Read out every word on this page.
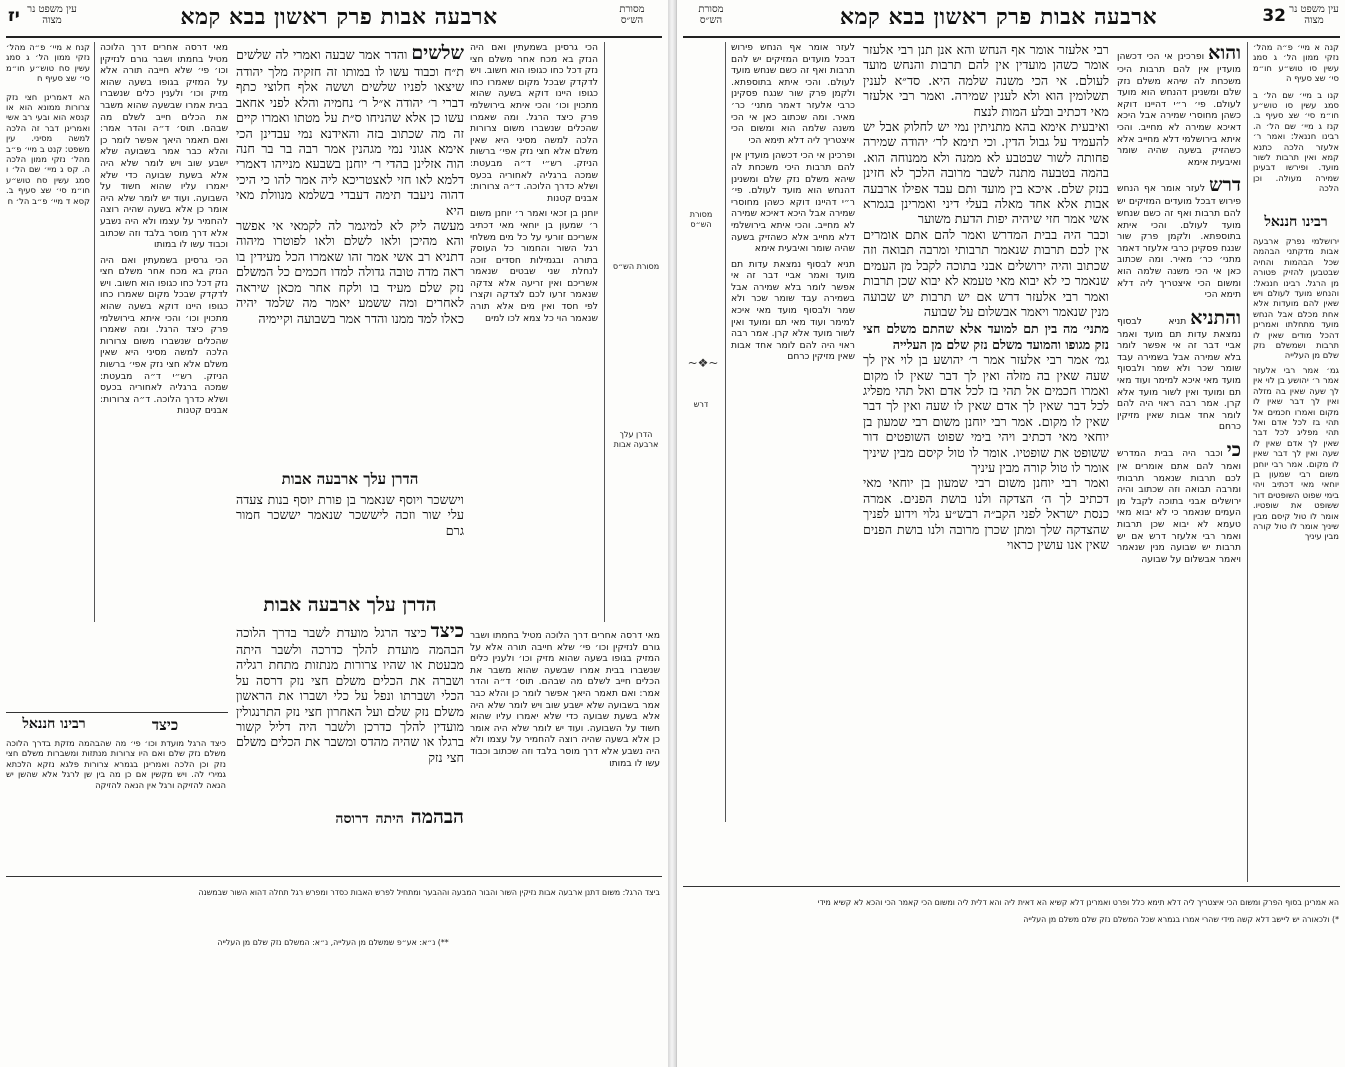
יז עין משפט נר מצוה	ארבעה אבות פרק ראשון בבא קמא	מסורת הש״ס

קנח א מיי׳ פ״ה מהל׳ נזקי ממון הל׳ ג סמג עשין סח טוש״ע חו״מ סי׳ שצ סעיף ח

הא דאמרינן חצי נזק צרורות ממונא הוא או קנסא הוא ובעי רב אשי ואמרינן דבר זה הלכה למשה מסיני. עין משפט: קנט ב מיי׳ פ״ב מהל׳ נזקי ממון הלכה ה. קס ג מיי׳ שם הל׳ ו סמג עשין סח טוש״ע חו״מ סי׳ שצ סעיף ב. קסא ד מיי׳ פ״ב הל׳ ח

מאי דרסה אחרים דרך הלוכה מטיל בחמתו ושבר גורם לנזיקין וכו׳ פי׳ שלא חייבה תורה אלא על המזיק בגופו בשעה שהוא מזיק וכו׳ ולענין כלים שנשברו בבית אמרו שבשעה שהוא משבר את הכלים חייב לשלם מה שבהם. תוס׳ ד״ה והדר אמר: ואם תאמר היאך אפשר לומר כן והלא כבר אמר בשבועה שלא ישבע שוב ויש לומר שלא היה אלא בשעת שבועה כדי שלא יאמרו עליו שהוא חשוד על השבועה. ועוד יש לומר שלא היה אומר כן אלא בשעה שהיה רוצה להחמיר על עצמו ולא היה נשבע אלא דרך מוסר בלבד וזה שכתוב וכבוד עשו לו במותו

הכי גרסינן בשמעתין ואם היה הנזק בא מכח אחר משלם חצי נזק דכל כחו כגופו הוא חשוב. ויש לדקדק שבכל מקום שאמרו כחו כגופו היינו דוקא בשעה שהוא מתכוין וכו׳ והכי איתא בירושלמי פרק כיצד הרגל. ומה שאמרו שהכלים שנשברו משום צרורות הלכה למשה מסיני היא שאין משלם אלא חצי נזק אפי׳ ברשות הניזק. רש״י ד״ה מבעטת: שמכה ברגליה לאחוריה בכעס ושלא כדרך הלוכה. ד״ה צרורות: אבנים קטנות

שלשיםוהדר אמר שבעה ואמרי לה שלשים ת״ח וכבוד עשו לו במותו זה חזקיה מלך יהודה שיצאו לפניו שלשים וששה אלף חלוצי כתף דברי ר׳ יהודה א״ל ר׳ נחמיה והלא לפני אחאב עשו כן אלא שהניחו ס״ת על מטתו ואמרו קיים זה מה שכתוב בזה והאידנא נמי עבדינן הכי אימא אגוני נמי מגהנין אמר רבה בר בר חנה הוה אזלינן בהדי ר׳ יוחנן בשבעא מנייהו דאמרי דלמא לאו חזי לאצטריכא ליה אמר להו כי היכי דהוה ניעבד תימה דעבדי בשלמא מנוולת מאי היא

מעשה ליק לא למיגמר לה לקמאי אי אפשר והא מהיכן ולאו לשלם ולאו לפוטרו מיהוה דתניא רב אשי אמר זהו שאמרו הכל מעידין בו ראה מדה טובה גדולה למדו חכמים כל המשלם נזק שלם מעיד בו ולקח אחר מכאן שיראה לאחרים ומה ששמע יאמר מה שלמד יהיה כאלו למד ממנו והדר אמר בשבועה וקיימיה

הכי גרסינן בשמעתין ואם היה הנזק בא מכח אחר משלם חצי נזק דכל כחו כגופו הוא חשוב. ויש לדקדק שבכל מקום שאמרו כחו כגופו היינו דוקא בשעה שהוא מתכוין וכו׳ והכי איתא בירושלמי פרק כיצד הרגל. ומה שאמרו שהכלים שנשברו משום צרורות הלכה למשה מסיני היא שאין משלם אלא חצי נזק אפי׳ ברשות הניזק. רש״י ד״ה מבעטת: שמכה ברגליה לאחוריה בכעס ושלא כדרך הלוכה. ד״ה צרורות: אבנים קטנות

יוחנן בן זכאי ואמר ר׳ יוחנן משום ר׳ שמעון בן יוחאי מאי דכתיב אשריכם זורעי על כל מים משלחי רגל השור והחמור כל העוסק בתורה ובגמילות חסדים זוכה לנחלת שני שבטים שנאמר אשריכם ואין זריעה אלא צדקה שנאמר זרעו לכם לצדקה וקצרו לפי חסד ואין מים אלא תורה שנאמר הוי כל צמא לכו למים

מסורת הש״ס
הדרן עלך ארבעה אבות
הדרן עלך ארבעה אבות

ויששכר ויוסף שנאמר בן פורת יוסף בנות צעדה עלי שור וזכה ליששכר שנאמר יששכר חמור גרם

הדרן עלך ארבעה אבות

כיצדכיצד הרגל מועדת לשבר בדרך הלוכה הבהמה מועדת להלך כדרכה ולשבר היתה מבעטת או שהיו צרורות מנתזות מתחת רגליה ושברה את הכלים משלם חצי נזק דרסה על הכלי ושברתו ונפל על כלי ושברו את הראשון משלם נזק שלם ועל האחרון חצי נזק התרנגולין מועדין להלך כדרכן ולשבר היה דליל קשור ברגלו או שהיה מהדס ומשבר את הכלים משלם חצי נזק

רבינו חננאל	כיצד

כיצד הרגל מועדת וכו׳ פי׳ מה שהבהמה מזקת בדרך הלוכה משלם נזק שלם ואם היו צרורות מנתזות ומשברות משלם חצי נזק וכן הלכה ואמרינן בגמרא צרורות פלגא נזקא הלכתא גמירי לה. ויש מקשין אם כן מה בין שן לרגל אלא שהשן יש הנאה להזיקה ורגל אין הנאה להזיקה

מאי דרסה אחרים דרך הלוכה מטיל בחמתו ושבר גורם לנזיקין וכו׳ פי׳ שלא חייבה תורה אלא על המזיק בגופו בשעה שהוא מזיק וכו׳ ולענין כלים שנשברו בבית אמרו שבשעה שהוא משבר את הכלים חייב לשלם מה שבהם. תוס׳ ד״ה והדר אמר: ואם תאמר היאך אפשר לומר כן והלא כבר אמר בשבועה שלא ישבע שוב ויש לומר שלא היה אלא בשעת שבועה כדי שלא יאמרו עליו שהוא חשוד על השבועה. ועוד יש לומר שלא היה אומר כן אלא בשעה שהיה רוצה להחמיר על עצמו ולא היה נשבע אלא דרך מוסר בלבד וזה שכתוב וכבוד עשו לו במותו

הבהמה היתה דרוסה

ביצד הרגל: משום דתנן ארבעה אבות נזיקין השור והבור המבעה וההבער ומתחיל לפרש האבות כסדר ומפרש רגל תחלה דהוא השור שבמשנה

**) נ״א: אע״פ שמשלם מן העלייה, נ״א: המשלם נזק שלם מן העלייה

מסורת הש״ס	ארבעה אבות פרק ראשון בבא קמא	32 עין משפט נר מצוה
מסורת הש״ס
דרש

לעזר אומר אף הנחש פירוש דבכל מועדים המזיקים יש להם תרבות ואף זה כשם שנחש מועד לעולם. והכי איתא בתוספתא. ולקמן פרק שור שנגח פסקינן כרבי אלעזר דאמר מתני׳ כר׳ מאיר. ומה שכתוב כאן אי הכי משנה שלמה הוא ומשום הכי איצטריך ליה דלא תימא הכי

ופרכינן אי הכי דכשהן מועדין אין להם תרבות היכי משכחת לה שיהא משלם נזק שלם ומשנינן דהנחש הוא מועד לעולם. פי׳ ר״י דהיינו דוקא כשהן מחוסרי שמירה אבל היכא דאיכא שמירה לא מחייב. והכי איתא בירושלמי דלא מחייב אלא כשהזיק בשעה שהיה שומר ואיבעית אימא

תניא לבסוף נמצאת עדות תם מועד ואמר אביי דבר זה אי אפשר לומר בלא שמירה אבל בשמירה עבד שומר שכר ולא שמר ולבסוף מועד מאי איכא למימר ועוד מאי תם ומועד ואין לשור מועד אלא קרן. אמר רבה ראוי היה להם לומר אחד אבות שאין מזיקין כרחם

רבי אלעזר אומר אף הנחש והא אנן תנן רבי אלעזר אומר כשהן מועדין אין להם תרבות והנחש מועד לעולם. אי הכי משנה שלמה היא. סד״א לענין תשלומין הוא ולא לענין שמירה. ואמר רבי אלעזר מאי דכתיב ובלע המות לנצח

ואיבעית אימא בהא מתניתין נמי יש לחלוק אבל יש להעמיד על גבול הדין. וכי תימא לר׳ יהודה שמירה פחותה לשור שבטבע לא ממנה ולא ממנוחה הוא. בהמה בטבעה מתנה לשבר מרובה הלכך לא חזינן בנזק שלם. איכא בין מועד ותם עבד אפילו ארבעה אבות אלא אחד מאלה בעלי דיני ואמרינן בגמרא אשי אמר חזי שיהיה יפות הדעת משוער

וכבר היה בבית המדרש ואמר להם אתם אומרים אין לכם תרבות שנאמר תרבותי ומרבה תבואה וזה שכתוב והיה ירושלים אבני בתוכה לקבל מן העמים שנאמר כי לא יבוא מאי טעמא לא יבוא שכן תרבות ואמר רבי אלעזר דרש אם יש תרבות יש שבועה מנין שנאמר ויאמר אבשלום על שבועה

מתני׳ מה בין תם למועד אלא שהתם משלם חצי נזק מגופו והמועד משלם נזק שלם מן העלייה

גמ׳ אמר רבי אלעזר אמר ר׳ יהושע בן לוי אין לך שעה שאין בה מזלה ואין לך דבר שאין לו מקום ואמרו חכמים אל תהי בז לכל אדם ואל תהי מפליג לכל דבר שאין לך אדם שאין לו שעה ואין לך דבר שאין לו מקום. אמר רבי יוחנן משום רבי שמעון בן יוחאי מאי דכתיב ויהי בימי שפוט השופטים דור ששופט את שופטיו. אומר לו טול קיסם מבין שיניך אומר לו טול קורה מבין עיניך

ואמר רבי יוחנן משום רבי שמעון בן יוחאי מאי דכתיב לך ה׳ הצדקה ולנו בושת הפנים. אמרה כנסת ישראל לפני הקב״ה רבש״ע גלוי וידוע לפניך שהצדקה שלך ומתן שכרן מרובה ולנו בושת הפנים שאין אנו עושין כראוי

והואופרכינן אי הכי דכשהן מועדין אין להם תרבות היכי משכחת לה שיהא משלם נזק שלם ומשנינן דהנחש הוא מועד לעולם. פי׳ ר״י דהיינו דוקא כשהן מחוסרי שמירה אבל היכא דאיכא שמירה לא מחייב. והכי איתא בירושלמי דלא מחייב אלא כשהזיק בשעה שהיה שומר ואיבעית אימא

דרשלעזר אומר אף הנחש פירוש דבכל מועדים המזיקים יש להם תרבות ואף זה כשם שנחש מועד לעולם. והכי איתא בתוספתא. ולקמן פרק שור שנגח פסקינן כרבי אלעזר דאמר מתני׳ כר׳ מאיר. ומה שכתוב כאן אי הכי משנה שלמה הוא ומשום הכי איצטריך ליה דלא תימא הכי

והתניאתניא לבסוף נמצאת עדות תם מועד ואמר אביי דבר זה אי אפשר לומר בלא שמירה אבל בשמירה עבד שומר שכר ולא שמר ולבסוף מועד מאי איכא למימר ועוד מאי תם ומועד ואין לשור מועד אלא קרן. אמר רבה ראוי היה להם לומר אחד אבות שאין מזיקין כרחם

כיוכבר היה בבית המדרש ואמר להם אתם אומרים אין לכם תרבות שנאמר תרבותי ומרבה תבואה וזה שכתוב והיה ירושלים אבני בתוכה לקבל מן העמים שנאמר כי לא יבוא מאי טעמא לא יבוא שכן תרבות ואמר רבי אלעזר דרש אם יש תרבות יש שבועה מנין שנאמר ויאמר אבשלום על שבועה

קנה א מיי׳ פ״ה מהל׳ נזקי ממון הל׳ ג סמג עשין סו טוש״ע חו״מ סי׳ שצ סעיף ה

קנו ב מיי׳ שם הל׳ ב סמג עשין סו טוש״ע חו״מ סי׳ שצ סעיף ב. קנז ג מיי׳ שם הל׳ ה. רבינו חננאל: ואמר ר׳ אלעזר הלכה כתנא קמא ואין תרבות לשור מועד. ופירשו דבעינן שמירה מעולה. וכן הלכה

רבינו חננאל

ירושלמי נפרק ארבעה אבות מדקתני הבהמה שכל הבהמות והחיה שבטבען להזיק פטורה מן הרגל. רבינו חננאל: והנחש מועד לעולם ויש שאין להם מועדות אלא אחת מכלם אבל הנחש מועד מתחלתו ואמרינן דהכל מודים שאין לו תרבות ושמשלם נזק שלם מן העלייה

גמ׳ אמר רבי אלעזר אמר ר׳ יהושע בן לוי אין לך שעה שאין בה מזלה ואין לך דבר שאין לו מקום ואמרו חכמים אל תהי בז לכל אדם ואל תהי מפליג לכל דבר שאין לך אדם שאין לו שעה ואין לך דבר שאין לו מקום. אמר רבי יוחנן משום רבי שמעון בן יוחאי מאי דכתיב ויהי בימי שפוט השופטים דור ששופט את שופטיו. אומר לו טול קיסם מבין שיניך אומר לו טול קורה מבין עיניך

~❖~

הא אמרינן בסוף הפרק ומשום הכי איצטריך ליה דלא תימא כלל ופרט ואמרינן דלא קשיא הא דאית ליה והא דלית ליה ומשום הכי קאמר הכי והכא לא קשיא מידי

*) ולכאורה יש ליישב דלא קשה מידי שהרי אמרו בגמרא שכל המשלם נזק שלם משלם מן העלייה
